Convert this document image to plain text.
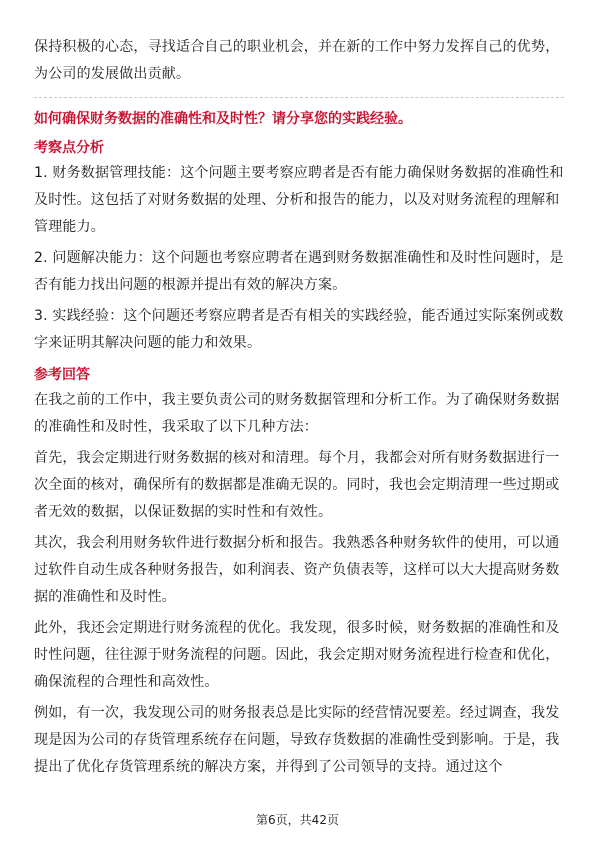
保持积极的心态，寻找适合自己的职业机会，并在新的工作中努力发挥自己的优势，为公司的发展做出贡献。

如何确保财务数据的准确性和及时性？请分享您的实践经验。

考察点分析

1. 财务数据管理技能：这个问题主要考察应聘者是否有能力确保财务数据的准确性和及时性。这包括了对财务数据的处理、分析和报告的能力，以及对财务流程的理解和管理能力。

2. 问题解决能力：这个问题也考察应聘者在遇到财务数据准确性和及时性问题时，是否有能力找出问题的根源并提出有效的解决方案。

3. 实践经验：这个问题还考察应聘者是否有相关的实践经验，能否通过实际案例或数字来证明其解决问题的能力和效果。

参考回答

在我之前的工作中，我主要负责公司的财务数据管理和分析工作。为了确保财务数据的准确性和及时性，我采取了以下几种方法：

首先，我会定期进行财务数据的核对和清理。每个月，我都会对所有财务数据进行一次全面的核对，确保所有的数据都是准确无误的。同时，我也会定期清理一些过期或者无效的数据，以保证数据的实时性和有效性。

其次，我会利用财务软件进行数据分析和报告。我熟悉各种财务软件的使用，可以通过软件自动生成各种财务报告，如利润表、资产负债表等，这样可以大大提高财务数据的准确性和及时性。

此外，我还会定期进行财务流程的优化。我发现，很多时候，财务数据的准确性和及时性问题，往往源于财务流程的问题。因此，我会定期对财务流程进行检查和优化，确保流程的合理性和高效性。

例如，有一次，我发现公司的财务报表总是比实际的经营情况要差。经过调查，我发现是因为公司的存货管理系统存在问题，导致存货数据的准确性受到影响。于是，我提出了优化存货管理系统的解决方案，并得到了公司领导的支持。通过这个

第6页，共42页
